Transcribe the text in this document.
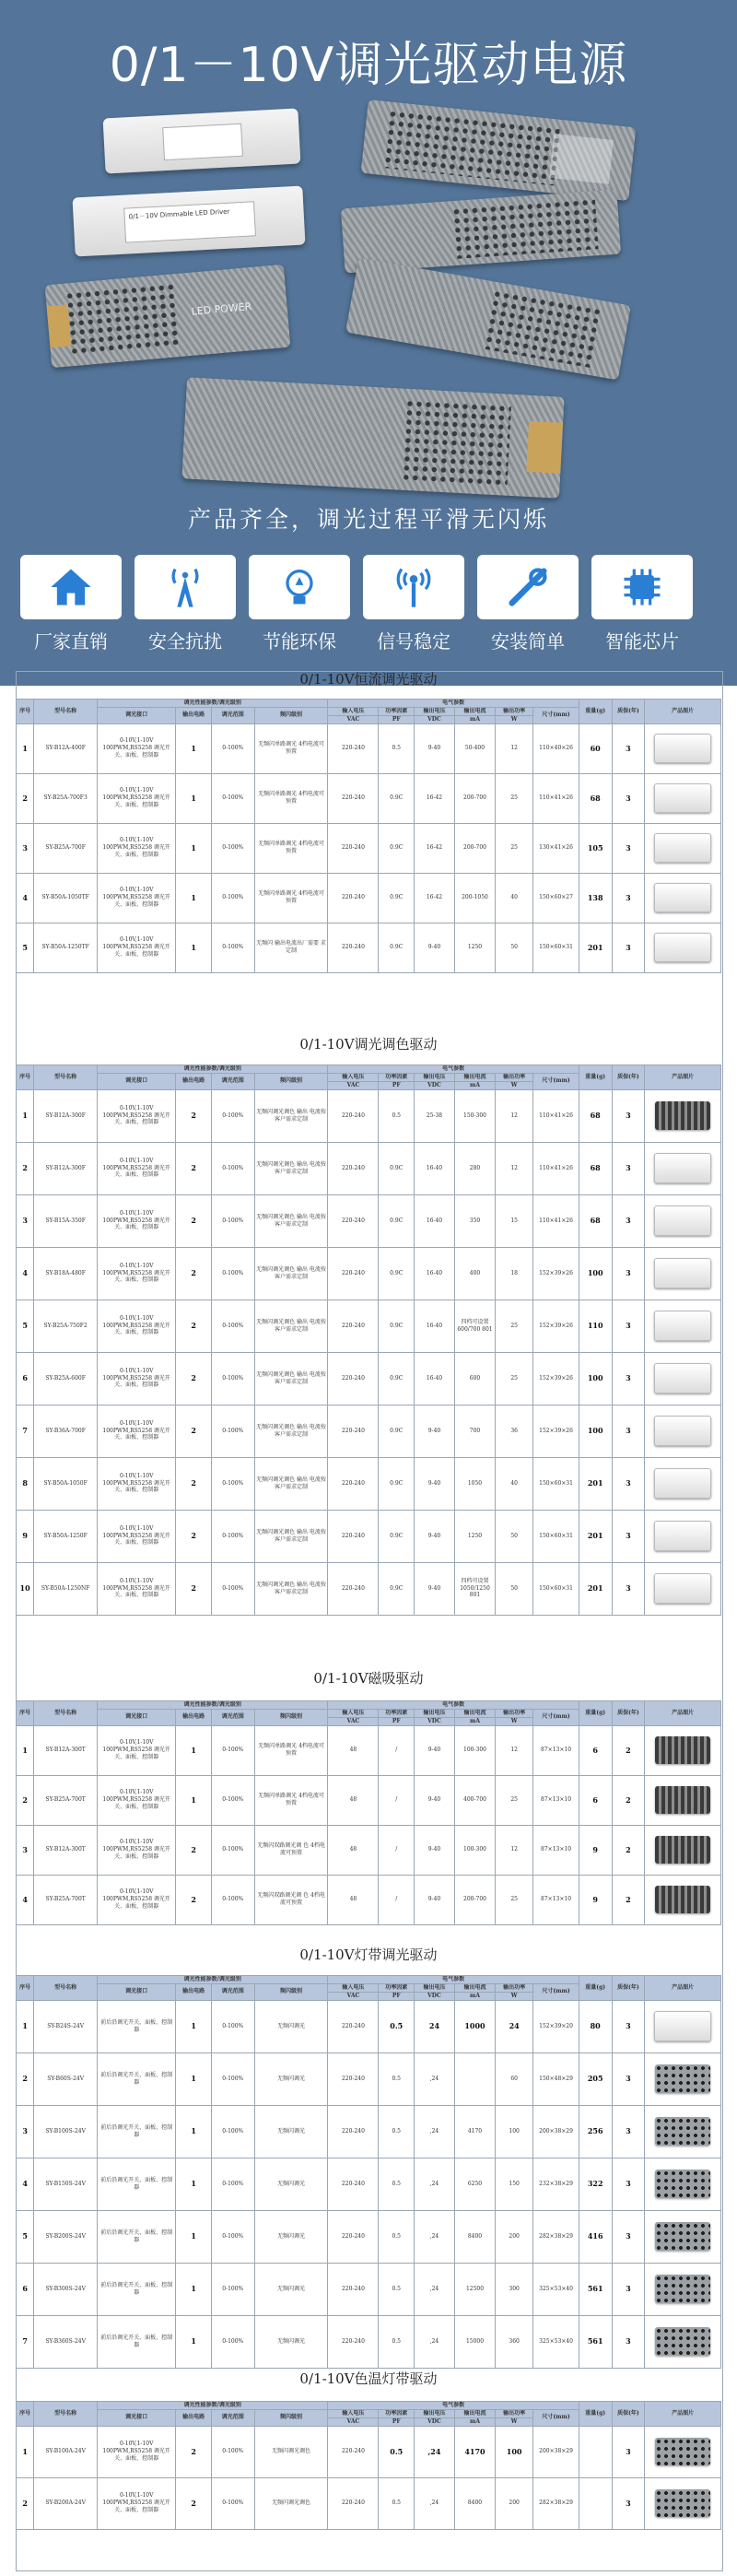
0/1－10V调光驱动电源
0/1－10V Dimmable LED Driver
LED POWER
产品齐全，调光过程平滑无闪烁
厂家直销	安全抗扰	节能环保	信号稳定	安装简单	智能芯片
0/1-10V恒流调光驱动
序号	型号名称	调光性能参数/调光级别				电气参数						重量(g)	质保(年)	产品图片
		调光接口	输出电路	调光范围	频闪级别	输入电压	功率因素	输出电压	输出电流	输出功率	尺寸(mm)			
						VAC	PF	VDC	mA	W				
1	SY-B12A-400F	0-10V,1-10V 100PWM,RS5258 调光开关、面板、控制器	1	0-100%	无频闪单路调光 4档电流可预置	220-240	0.5	9-40	50-400	12	110×40×26	60	3	

2	SY-B25A-700F3	0-10V,1-10V 100PWM,RS5258 调光开关、面板、控制器	1	0-100%	无频闪单路调光 4档电流可预置	220-240	0.9C	16-42	200-700	25	110×41×26	68	3	

3	SY-B25A-700F	0-10V,1-10V 100PWM,RS5258 调光开关、面板、控制器	1	0-100%	无频闪单路调光 4档电流可预置	220-240	0.9C	16-42	200-700	25	130×41×26	105	3	

4	SY-B50A-1050TF	0-10V,1-10V 100PWM,RS5258 调光开关、面板、控制器	1	0-100%	无频闪单路调光 4档电流可预置	220-240	0.9C	16-42	200-1050	40	150×60×27	138	3	

5	SY-B50A-1250TF	0-10V,1-10V 100PWM,RS5258 调光开关、面板、控制器	1	0-100%	无频闪 输出电流出厂需要 求定制	220-240	0.9C	9-40	1250	50	150×60×31	201	3	
0/1-10V调光调色驱动
序号	型号名称	调光性能参数/调光级别				电气参数						重量(g)	质保(年)	产品图片
		调光接口	输出电路	调光范围	频闪级别	输入电压	功率因素	输出电压	输出电流	输出功率	尺寸(mm)			
						VAC	PF	VDC	mA	W				
1	SY-B12A-300F	0-10V,1-10V 100PWM,RS5258 调光开关、面板、控制器	2	0-100%	无频闪调光调色 输出 电流按客户需求定制	220-240	0.5	25-38	150-300	12	110×41×26	68	3	

2	SY-B12A-300F	0-10V,1-10V 100PWM,RS5258 调光开关、面板、控制器	2	0-100%	无频闪调光调色 输出 电流按客户需求定制	220-240	0.9C	16-40	280	12	110×41×26	68	3	

3	SY-B15A-350F	0-10V,1-10V 100PWM,RS5258 调光开关、面板、控制器	2	0-100%	无频闪调光调色 输出 电流按客户需求定制	220-240	0.9C	16-40	350	15	110×41×26	68	3	

4	SY-B18A-480F	0-10V,1-10V 100PWM,RS5258 调光开关、面板、控制器	2	0-100%	无频闪调光调色 输出 电流按客户需求定制	220-240	0.9C	16-40	400	18	152×39×26	100	3	

5	SY-B25A-750F2	0-10V,1-10V 100PWM,RS5258 调光开关、面板、控制器	2	0-100%	无频闪调光调色 输出 电流按客户需求定制	220-240	0.9C	16-40	四档可设置 600/700 801	25	152×39×26	110	3	

6	SY-B25A-600F	0-10V,1-10V 100PWM,RS5258 调光开关、面板、控制器	2	0-100%	无频闪调光调色 输出 电流按客户需求定制	220-240	0.9C	16-40	600	25	152×39×26	100	3	

7	SY-B36A-700F	0-10V,1-10V 100PWM,RS5258 调光开关、面板、控制器	2	0-100%	无频闪调光调色 输出 电流按客户需求定制	220-240	0.9C	9-40	700	36	152×39×26	100	3	

8	SY-B50A-1050F	0-10V,1-10V 100PWM,RS5258 调光开关、面板、控制器	2	0-100%	无频闪调光调色 输出 电流按客户需求定制	220-240	0.9C	9-40	1050	40	150×60×31	201	3	

9	SY-B50A-1250F	0-10V,1-10V 100PWM,RS5258 调光开关、面板、控制器	2	0-100%	无频闪调光调色 输出 电流按客户需求定制	220-240	0.9C	9-40	1250	50	150×60×31	201	3	

10	SY-B50A-1250NF	0-10V,1-10V 100PWM,RS5258 调光开关、面板、控制器	2	0-100%	无频闪调光调色 输出 电流按客户需求定制	220-240	0.9C	9-40	四档可设置 1050/1250 801	50	150×60×31	201	3	
0/1-10V磁吸驱动
序号	型号名称	调光性能参数/调光级别				电气参数						重量(g)	质保(年)	产品图片
		调光接口	输出电路	调光范围	频闪级别	输入电压	功率因素	输出电压	输出电流	输出功率	尺寸(mm)			
						VAC	PF	VDC	mA	W				
1	SY-B12A-300T	0-10V,1-10V 100PWM,RS5258 调光开关、面板、控制器	1	0-100%	无频闪单路调光 4档电流可预置	48	/	9-40	100-300	12	87×13×10	6	2	

2	SY-B25A-700T	0-10V,1-10V 100PWM,RS5258 调光开关、面板、控制器	1	0-100%	无频闪单路调光 4档电流可预置	48	/	9-40	400-700	25	87×13×10	6	2	

3	SY-B12A-300T	0-10V,1-10V 100PWM,RS5258 调光开关、面板、控制器	2	0-100%	无频闪双路调光调 色 4档电流可预置	48	/	9-40	100-300	12	87×13×10	9	2	

4	SY-B25A-700T	0-10V,1-10V 100PWM,RS5258 调光开关、面板、控制器	2	0-100%	无频闪双路调光调 色 4档电流可预置	48	/	9-40	200-700	25	87×13×10	9	2	
0/1-10V灯带调光驱动
序号	型号名称	调光性能参数/调光级别				电气参数						重量(g)	质保(年)	产品图片
		调光接口	输出电路	调光范围	频闪级别	输入电压	功率因素	输出电压	输出电流	输出功率	尺寸(mm)			
						VAC	PF	VDC	mA	W				
1	SY-B24S-24V	前后沿调光开关、面板、控制器	1	0-100%	无频闪调光	220-240	0.5	24	1000	24	152×39×20	80	3	

2	SY-B60S-24V	前后沿调光开关、面板、控制器	1	0-100%	无频闪调光	220-240	0.5	,24		60	150×48×29	205	3	

3	SY-B100S-24V	前后沿调光开关、面板、控制器	1	0-100%	无频闪调光	220-240	0.5	,24	4170	100	200×38×29	256	3	

4	SY-B150S-24V	前后沿调光开关、面板、控制器	1	0-100%	无频闪调光	220-240	0.5	,24	6250	150	232×38×29	322	3	

5	SY-B200S-24V	前后沿调光开关、面板、控制器	1	0-100%	无频闪调光	220-240	0.5	,24	8400	200	282×38×29	416	3	

6	SY-B300S-24V	前后沿调光开关、面板、控制器	1	0-100%	无频闪调光	220-240	0.5	,24	12500	300	325×53×40	561	3	

7	SY-B360S-24V	前后沿调光开关、面板、控制器	1	0-100%	无频闪调光	220-240	0.5	,24	15000	360	325×53×40	561	3	
0/1-10V色温灯带驱动
序号	型号名称	调光性能参数/调光级别				电气参数						重量(g)	质保(年)	产品图片
		调光接口	输出电路	调光范围	频闪级别	输入电压	功率因素	输出电压	输出电流	输出功率	尺寸(mm)			
						VAC	PF	VDC	mA	W				
1	SY-B100A-24V	0-10V,1-10V 100PWM,RS5258 调光开关、面板、控制器	2	0-100%	无频闪调光调色	220-240	0.5	,24	4170	100	200×38×29		3	

2	SY-B200A-24V	0-10V,1-10V 100PWM,RS5258 调光开关、面板、控制器	2	0-100%	无频闪调光调色	220-240	0.5	,24	8400	200	282×38×29		3	
